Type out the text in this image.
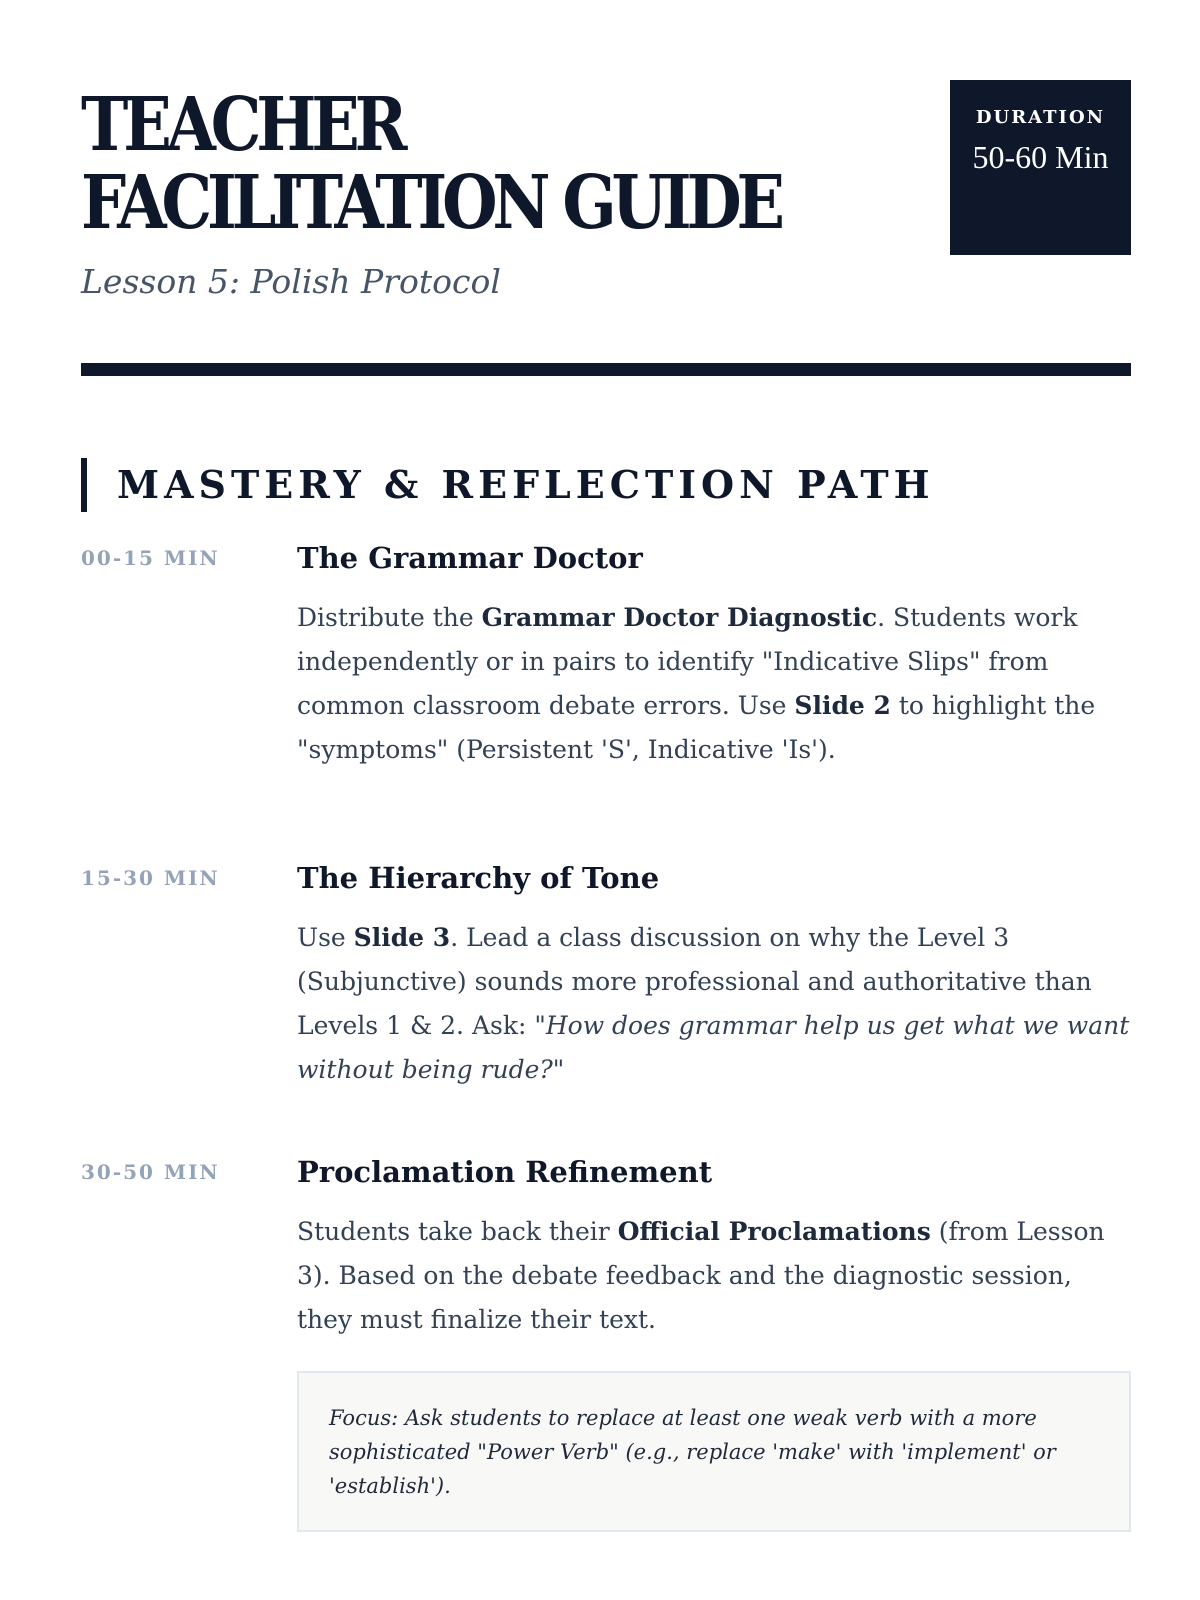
TEACHER
FACILITATION GUIDE
Lesson 5: Polish Protocol
DURATION
50-60 Min
MASTERY & REFLECTION PATH
00-15 MIN	The Grammar Doctor

Distribute the Grammar Doctor Diagnostic. Students work independently or in pairs to identify "Indicative Slips" from common classroom debate errors. Use Slide 2 to highlight the "symptoms" (Persistent 'S', Indicative 'Is').

15-30 MIN	The Hierarchy of Tone

Use Slide 3. Lead a class discussion on why the Level 3 (Subjunctive) sounds more professional and authoritative than Levels 1 & 2. Ask: "How does grammar help us get what we want without being rude?"

30-50 MIN	Proclamation Refinement

Students take back their Official Proclamations (from Lesson 3). Based on the debate feedback and the diagnostic session, they must finalize their text.

Focus: Ask students to replace at least one weak verb with a more sophisticated "Power Verb" (e.g., replace 'make' with 'implement' or 'establish').
